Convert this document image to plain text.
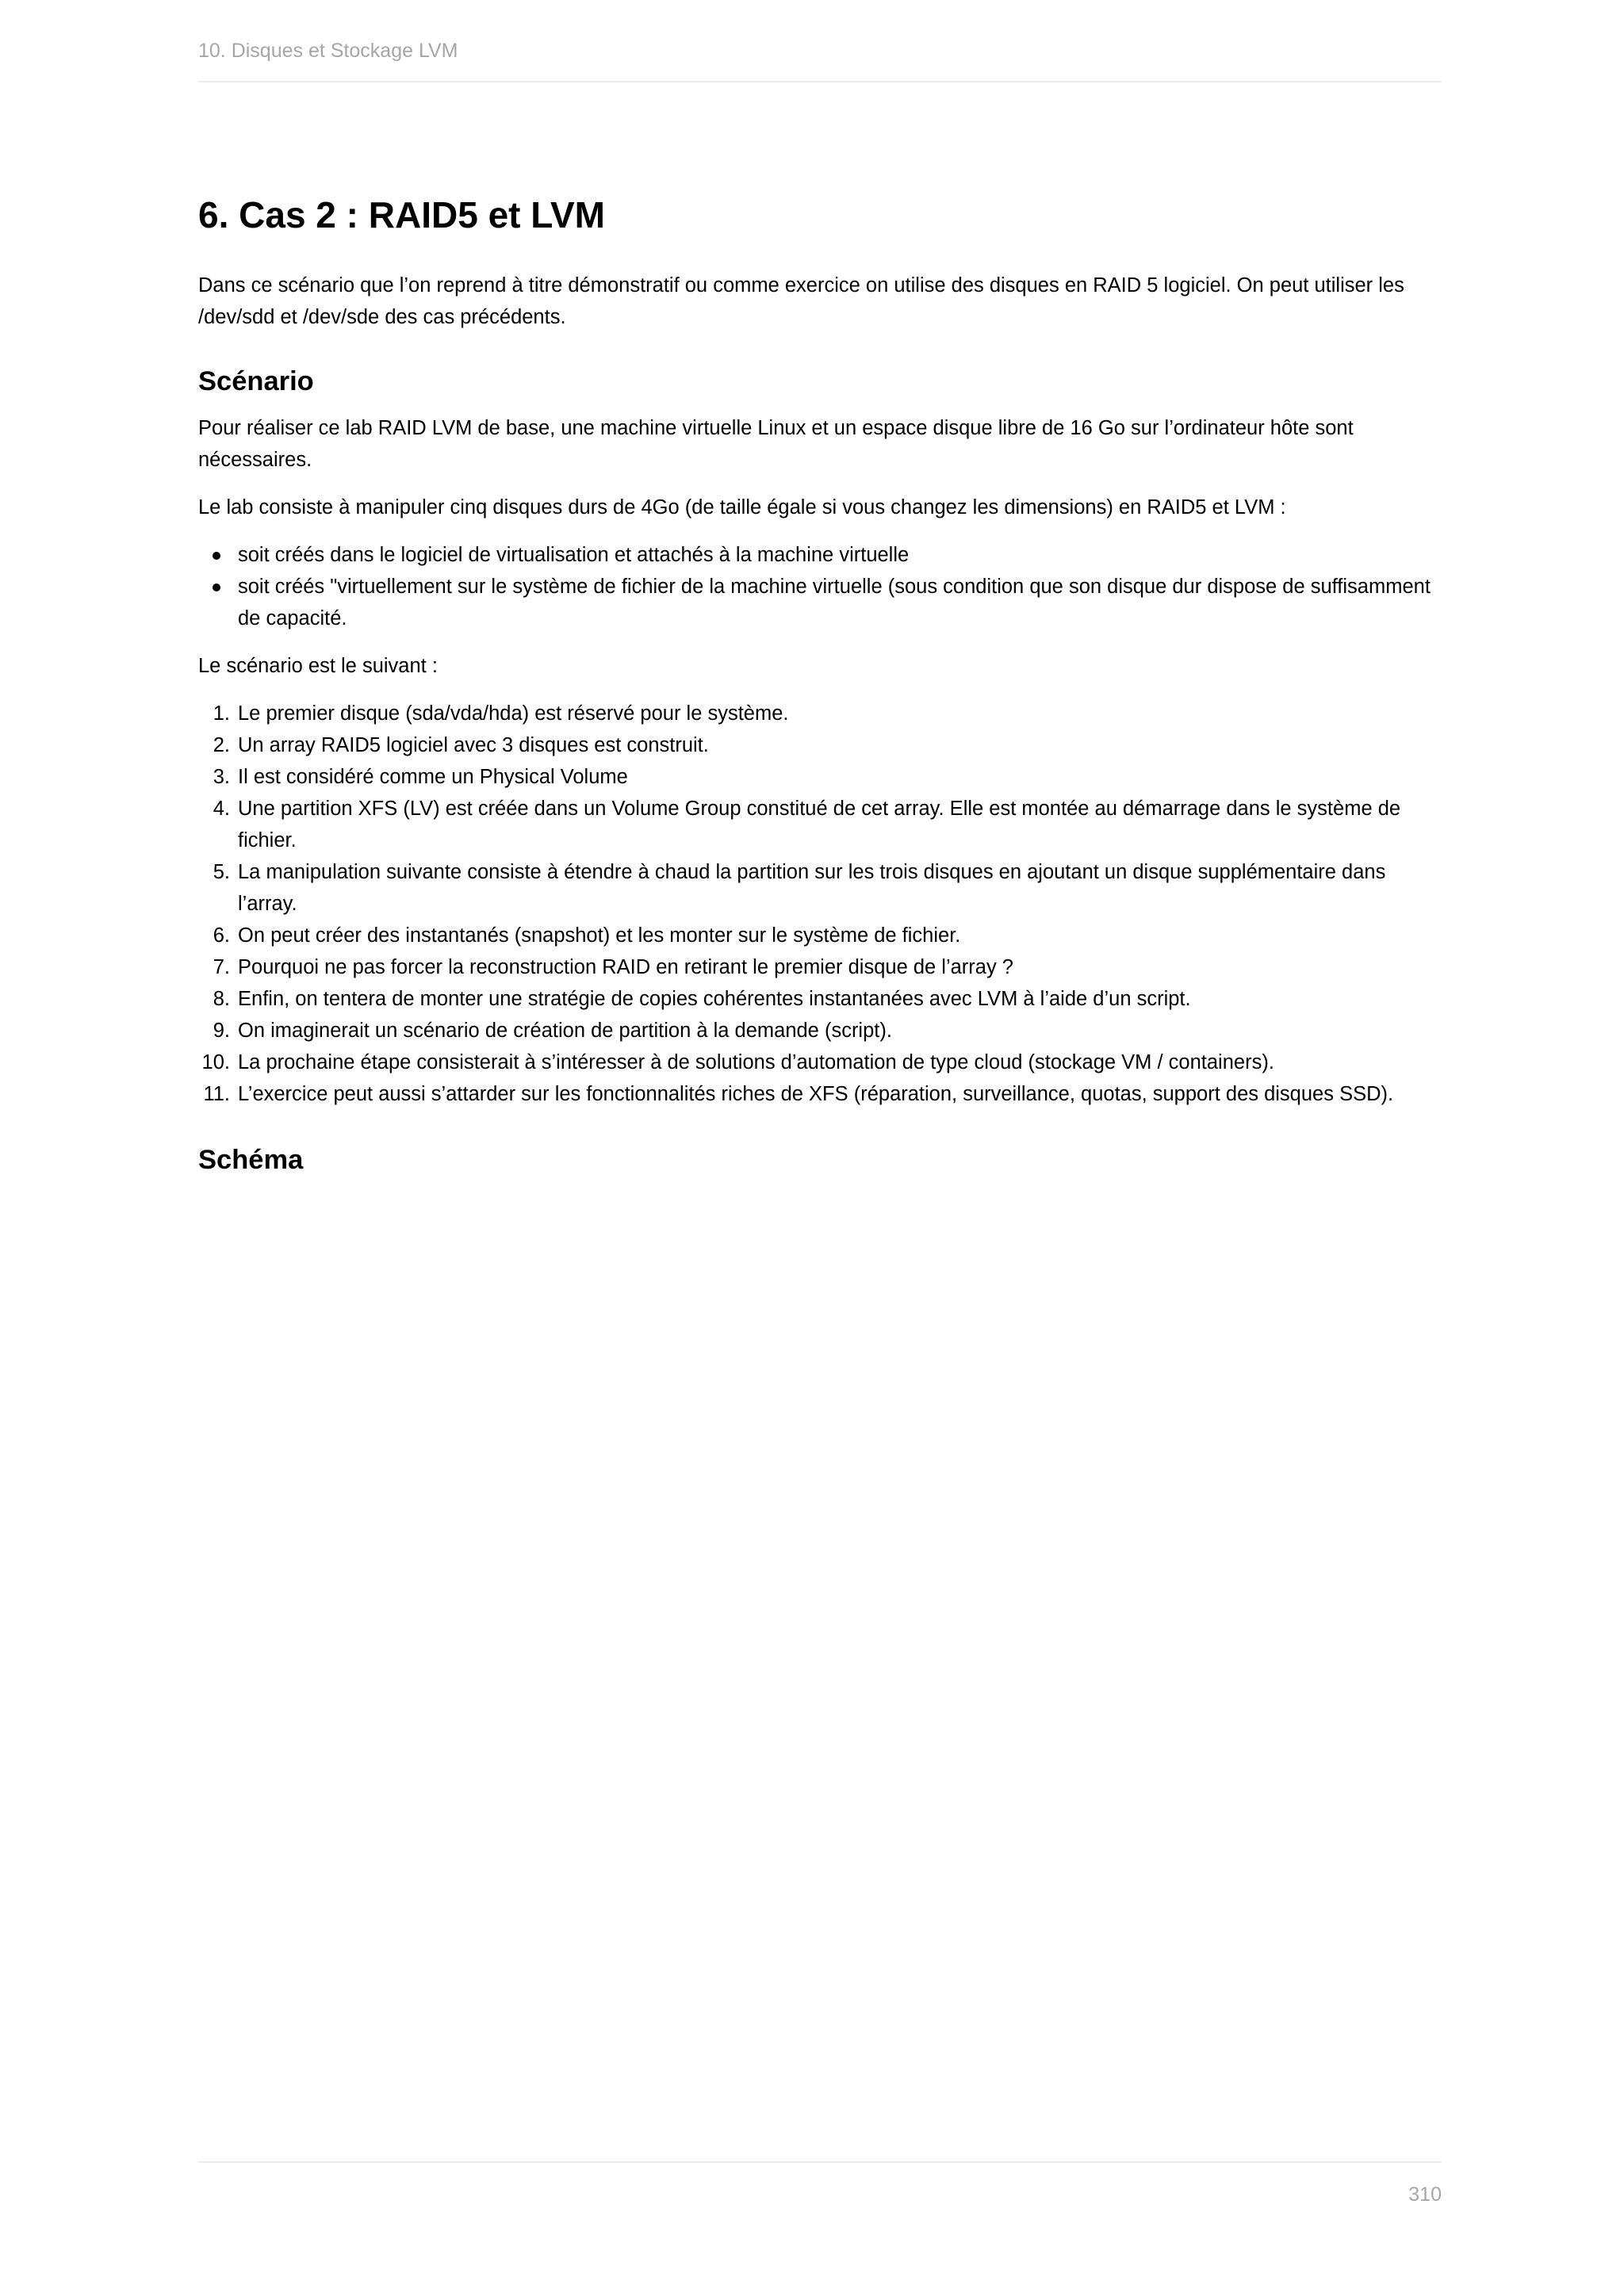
10. Disques et Stockage LVM
6. Cas 2 : RAID5 et LVM

Dans ce scénario que l’on reprend à titre démonstratif ou comme exercice on utilise des disques en RAID 5 logiciel. On peut utiliser les /dev/sdd et /dev/sde des cas précédents.

Scénario

Pour réaliser ce lab RAID LVM de base, une machine virtuelle Linux et un espace disque libre de 16 Go sur l’ordinateur hôte sont nécessaires.

Le lab consiste à manipuler cinq disques durs de 4Go (de taille égale si vous changez les dimensions) en RAID5 et LVM :

soit créés dans le logiciel de virtualisation et attachés à la machine virtuelle
soit créés "virtuellement sur le système de fichier de la machine virtuelle (sous condition que son disque dur dispose de suffisamment de capacité.

Le scénario est le suivant :

1. Le premier disque (sda/vda/hda) est réservé pour le système.
2. Un array RAID5 logiciel avec 3 disques est construit.
3. Il est considéré comme un Physical Volume
4. Une partition XFS (LV) est créée dans un Volume Group constitué de cet array. Elle est montée au démarrage dans le système de fichier.
5. La manipulation suivante consiste à étendre à chaud la partition sur les trois disques en ajoutant un disque supplémentaire dans l’array.
6. On peut créer des instantanés (snapshot) et les monter sur le système de fichier.
7. Pourquoi ne pas forcer la reconstruction RAID en retirant le premier disque de l’array ?
8. Enfin, on tentera de monter une stratégie de copies cohérentes instantanées avec LVM à l’aide d’un script.
9. On imaginerait un scénario de création de partition à la demande (script).
10. La prochaine étape consisterait à s’intéresser à de solutions d’automation de type cloud (stockage VM / containers).
11. L’exercice peut aussi s’attarder sur les fonctionnalités riches de XFS (réparation, surveillance, quotas, support des disques SSD).
Schéma
310
